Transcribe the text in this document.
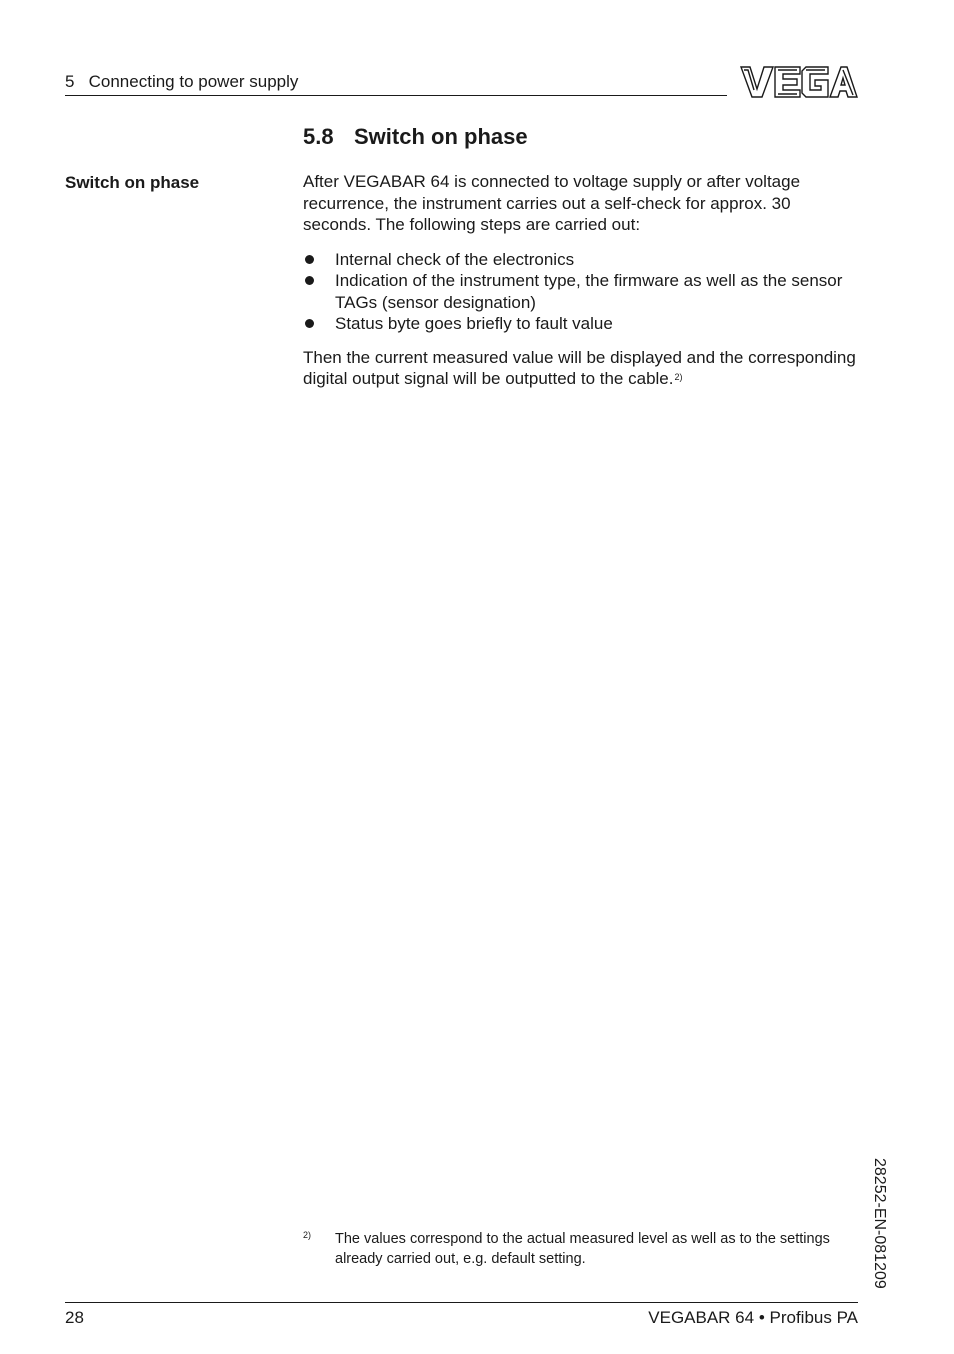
5   Connecting to power supply
5.8 Switch on phase
Switch on phase	After VEGABAR 64 is connected to voltage supply or after voltage recurrence, the instrument carries out a self-check for approx. 30 seconds. The following steps are carried out:

Internal check of the electronics
Indication of the instrument type, the firmware as well as the sensor TAGs (sensor designation)
Status byte goes briefly to fault value

Then the current measured value will be displayed and the corresponding digital output signal will be outputted to the cable.$^{2)}$

2) The values correspond to the actual measured level as well as to the settings already carried out, e.g. default setting.	28252-EN-081209
28	VEGABAR 64 • Profibus PA
